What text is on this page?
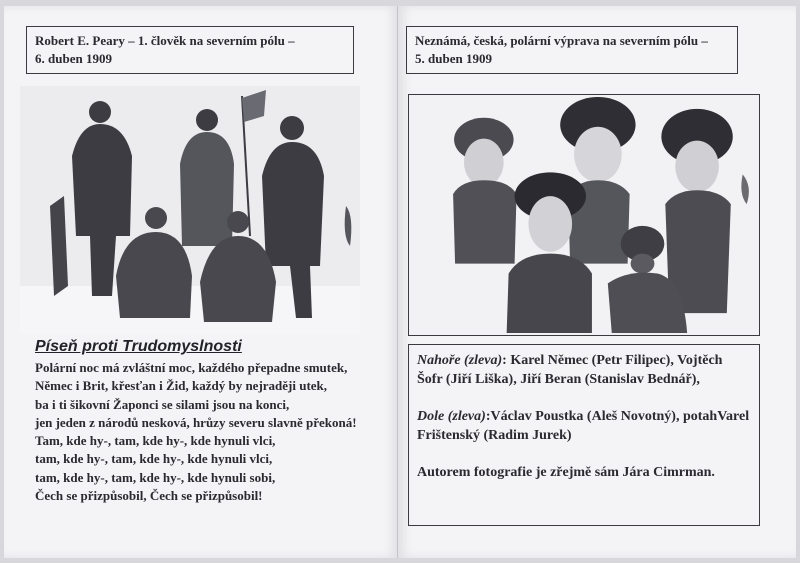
Robert E. Peary – 1. člověk na severním pólu –
6. duben 1909
Píseň proti Trudomyslnosti
Polární noc má zvláštní moc, každého přepadne smutek,
Němec i Brit, křesťan i Žid, každý by nejraději utek,
ba i ti šikovní Žaponci se silami jsou na konci,
jen jeden z národů nesková, hrůzy severu slavně překoná!
Tam, kde hy-, tam, kde hy-, kde hynuli vlci,
tam, kde hy-, tam, kde hy-, kde hynuli vlci,
tam, kde hy-, tam, kde hy-, kde hynuli sobi,
Čech se přizpůsobil, Čech se přizpůsobil!
Neznámá, česká, polární výprava na severním pólu –
5. duben 1909

Nahoře (zleva): Karel Němec (Petr Filipec), Vojtěch Šofr (Jiří Liška), Jiří Beran (Stanislav Bednář),

Dole (zleva):Václav Poustka (Aleš Novotný), potahVarel Frištenský (Radim Jurek)

Autorem fotografie je zřejmě sám Jára Cimrman.
